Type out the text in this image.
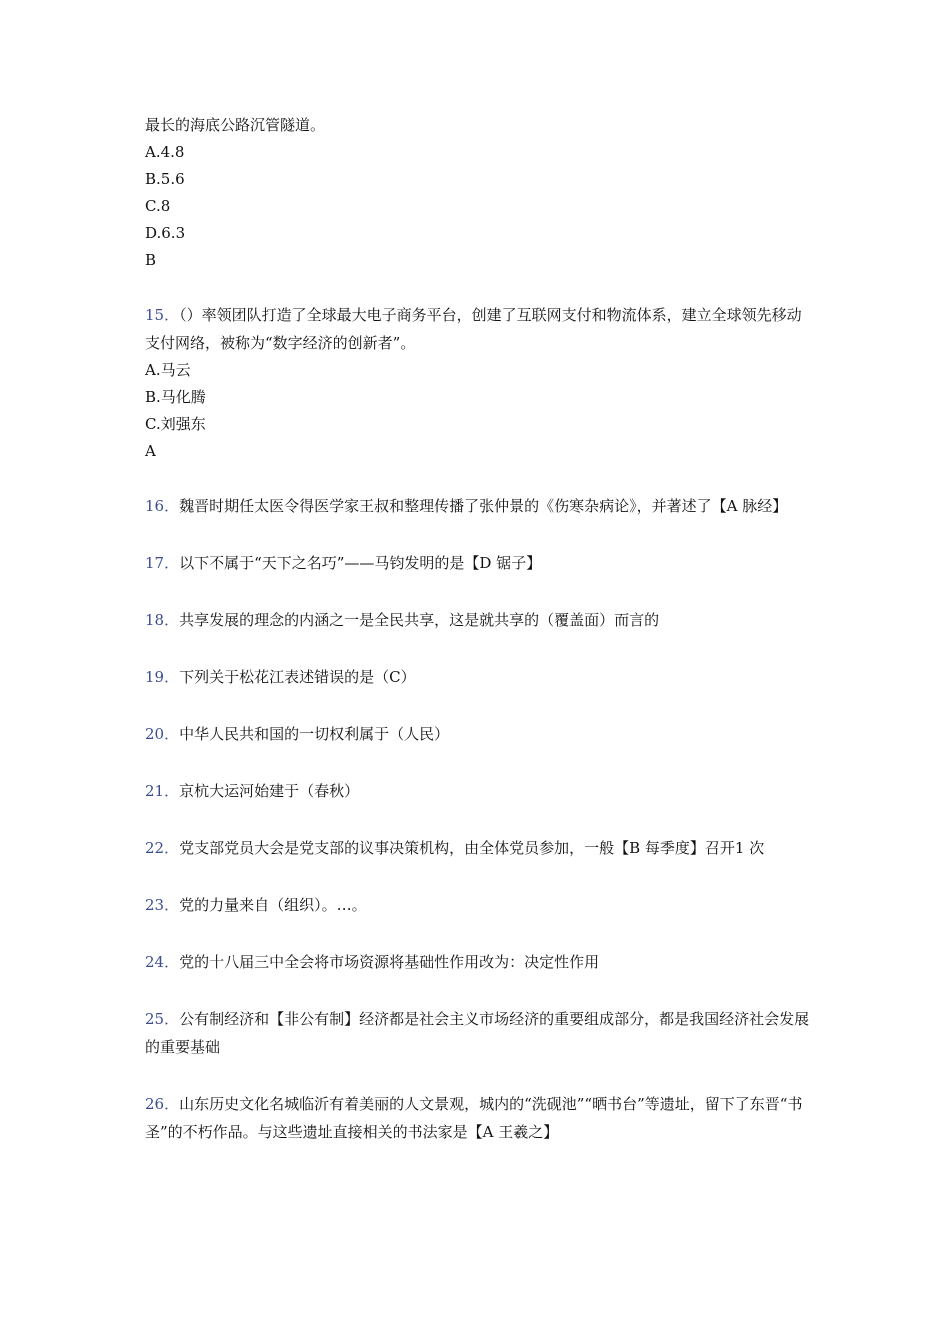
最长的海底公路沉管隧道。
A.4.8
B.5.6
C.8
D.6.3
B
15．（）率领团队打造了全球最大电子商务平台，创建了互联网支付和物流体系，建立全球领先移动支付网络，被称为“数字经济的创新者”。
A.马云
B.马化腾
C.刘强东
A
16．魏晋时期任太医令得医学家王叔和整理传播了张仲景的《伤寒杂病论》，并著述了【A 脉经】
17．以下不属于“天下之名巧”——马钧发明的是【D 锯子】
18．共享发展的理念的内涵之一是全民共享，这是就共享的（覆盖面）而言的
19．下列关于松花江表述错误的是（C）
20．中华人民共和国的一切权利属于（人民）
21．京杭大运河始建于（春秋）
22．党支部党员大会是党支部的议事决策机构，由全体党员参加，一般【B 每季度】召开1 次
23．党的力量来自（组织）。…。
24．党的十八届三中全会将市场资源将基础性作用改为：决定性作用
25．公有制经济和【非公有制】经济都是社会主义市场经济的重要组成部分，都是我国经济社会发展的重要基础
26．山东历史文化名城临沂有着美丽的人文景观，城内的“洗砚池”“晒书台”等遗址，留下了东晋“书圣”的不朽作品。与这些遗址直接相关的书法家是【A 王羲之】
